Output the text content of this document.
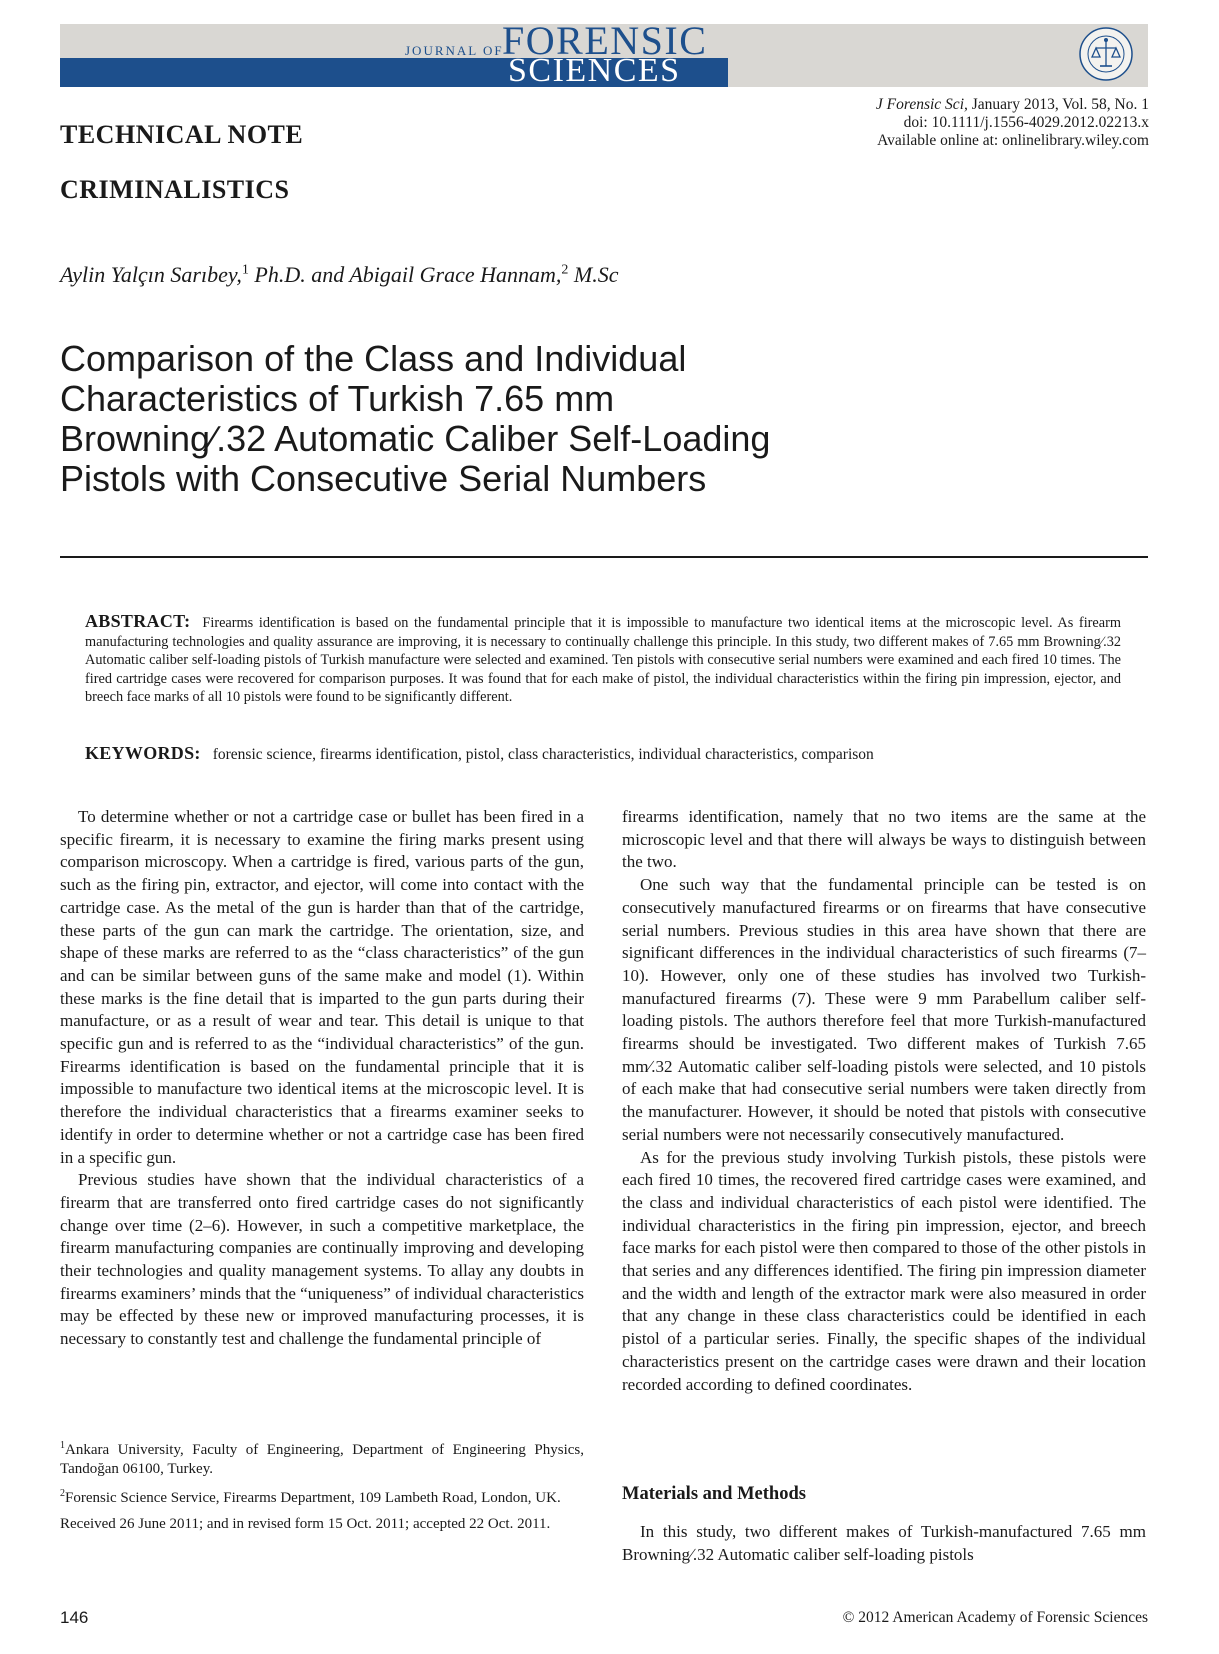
JOURNAL OF
FORENSIC
SCIENCES
J Forensic Sci, January 2013, Vol. 58, No. 1
doi: 10.1111/j.1556-4029.2012.02213.x
Available online at: onlinelibrary.wiley.com
TECHNICAL NOTE
CRIMINALISTICS
Aylin Yalçın Sarıbey,$^1$ Ph.D. and Abigail Grace Hannam,$^2$ M.Sc
Comparison of the Class and Individual
Characteristics of Turkish 7.65 mm
Browning∕.32 Automatic Caliber Self-Loading
Pistols with Consecutive Serial Numbers
ABSTRACT: Firearms identification is based on the fundamental principle that it is impossible to manufacture two identical items at the microscopic level. As firearm manufacturing technologies and quality assurance are improving, it is necessary to continually challenge this principle. In this study, two different makes of 7.65 mm Browning∕.32 Automatic caliber self-loading pistols of Turkish manufacture were selected and examined. Ten pistols with consecutive serial numbers were examined and each fired 10 times. The fired cartridge cases were recovered for comparison purposes. It was found that for each make of pistol, the individual characteristics within the firing pin impression, ejector, and breech face marks of all 10 pistols were found to be significantly different.
KEYWORDS: forensic science, firearms identification, pistol, class characteristics, individual characteristics, comparison

To determine whether or not a cartridge case or bullet has been fired in a specific firearm, it is necessary to examine the firing marks present using comparison microscopy. When a cartridge is fired, various parts of the gun, such as the firing pin, extractor, and ejector, will come into contact with the cartridge case. As the metal of the gun is harder than that of the cartridge, these parts of the gun can mark the cartridge. The orientation, size, and shape of these marks are referred to as the “class characteristics” of the gun and can be similar between guns of the same make and model (1). Within these marks is the fine detail that is imparted to the gun parts during their manufacture, or as a result of wear and tear. This detail is unique to that specific gun and is referred to as the “individual characteristics” of the gun. Firearms identification is based on the fundamental principle that it is impossible to manufacture two identical items at the microscopic level. It is therefore the individual characteristics that a firearms examiner seeks to identify in order to determine whether or not a cartridge case has been fired in a specific gun.

Previous studies have shown that the individual characteristics of a firearm that are transferred onto fired cartridge cases do not significantly change over time (2–6). However, in such a competitive marketplace, the firearm manufacturing companies are continually improving and developing their technologies and quality management systems. To allay any doubts in firearms examiners’ minds that the “uniqueness” of individual characteristics may be effected by these new or improved manufacturing processes, it is necessary to constantly test and challenge the fundamental principle of

firearms identification, namely that no two items are the same at the microscopic level and that there will always be ways to distinguish between the two.

One such way that the fundamental principle can be tested is on consecutively manufactured firearms or on firearms that have consecutive serial numbers. Previous studies in this area have shown that there are significant differences in the individual characteristics of such firearms (7–10). However, only one of these studies has involved two Turkish-manufactured firearms (7). These were 9 mm Parabellum caliber self-loading pistols. The authors therefore feel that more Turkish-manufactured firearms should be investigated. Two different makes of Turkish 7.65 mm∕.32 Automatic caliber self-loading pistols were selected, and 10 pistols of each make that had consecutive serial numbers were taken directly from the manufacturer. However, it should be noted that pistols with consecutive serial numbers were not necessarily consecutively manufactured.

As for the previous study involving Turkish pistols, these pistols were each fired 10 times, the recovered fired cartridge cases were examined, and the class and individual characteristics of each pistol were identified. The individual characteristics in the firing pin impression, ejector, and breech face marks for each pistol were then compared to those of the other pistols in that series and any differences identified. The firing pin impression diameter and the width and length of the extractor mark were also measured in order that any change in these class characteristics could be identified in each pistol of a particular series. Finally, the specific shapes of the individual characteristics present on the cartridge cases were drawn and their location recorded according to defined coordinates.

$^1$Ankara University, Faculty of Engineering, Department of Engineering Physics, Tandoğan 06100, Turkey.

$^2$Forensic Science Service, Firearms Department, 109 Lambeth Road, London, UK.

Received 26 June 2011; and in revised form 15 Oct. 2011; accepted 22 Oct. 2011.

Materials and Methods

In this study, two different makes of Turkish-manufactured 7.65 mm Browning∕.32 Automatic caliber self-loading pistols

146	© 2012 American Academy of Forensic Sciences
